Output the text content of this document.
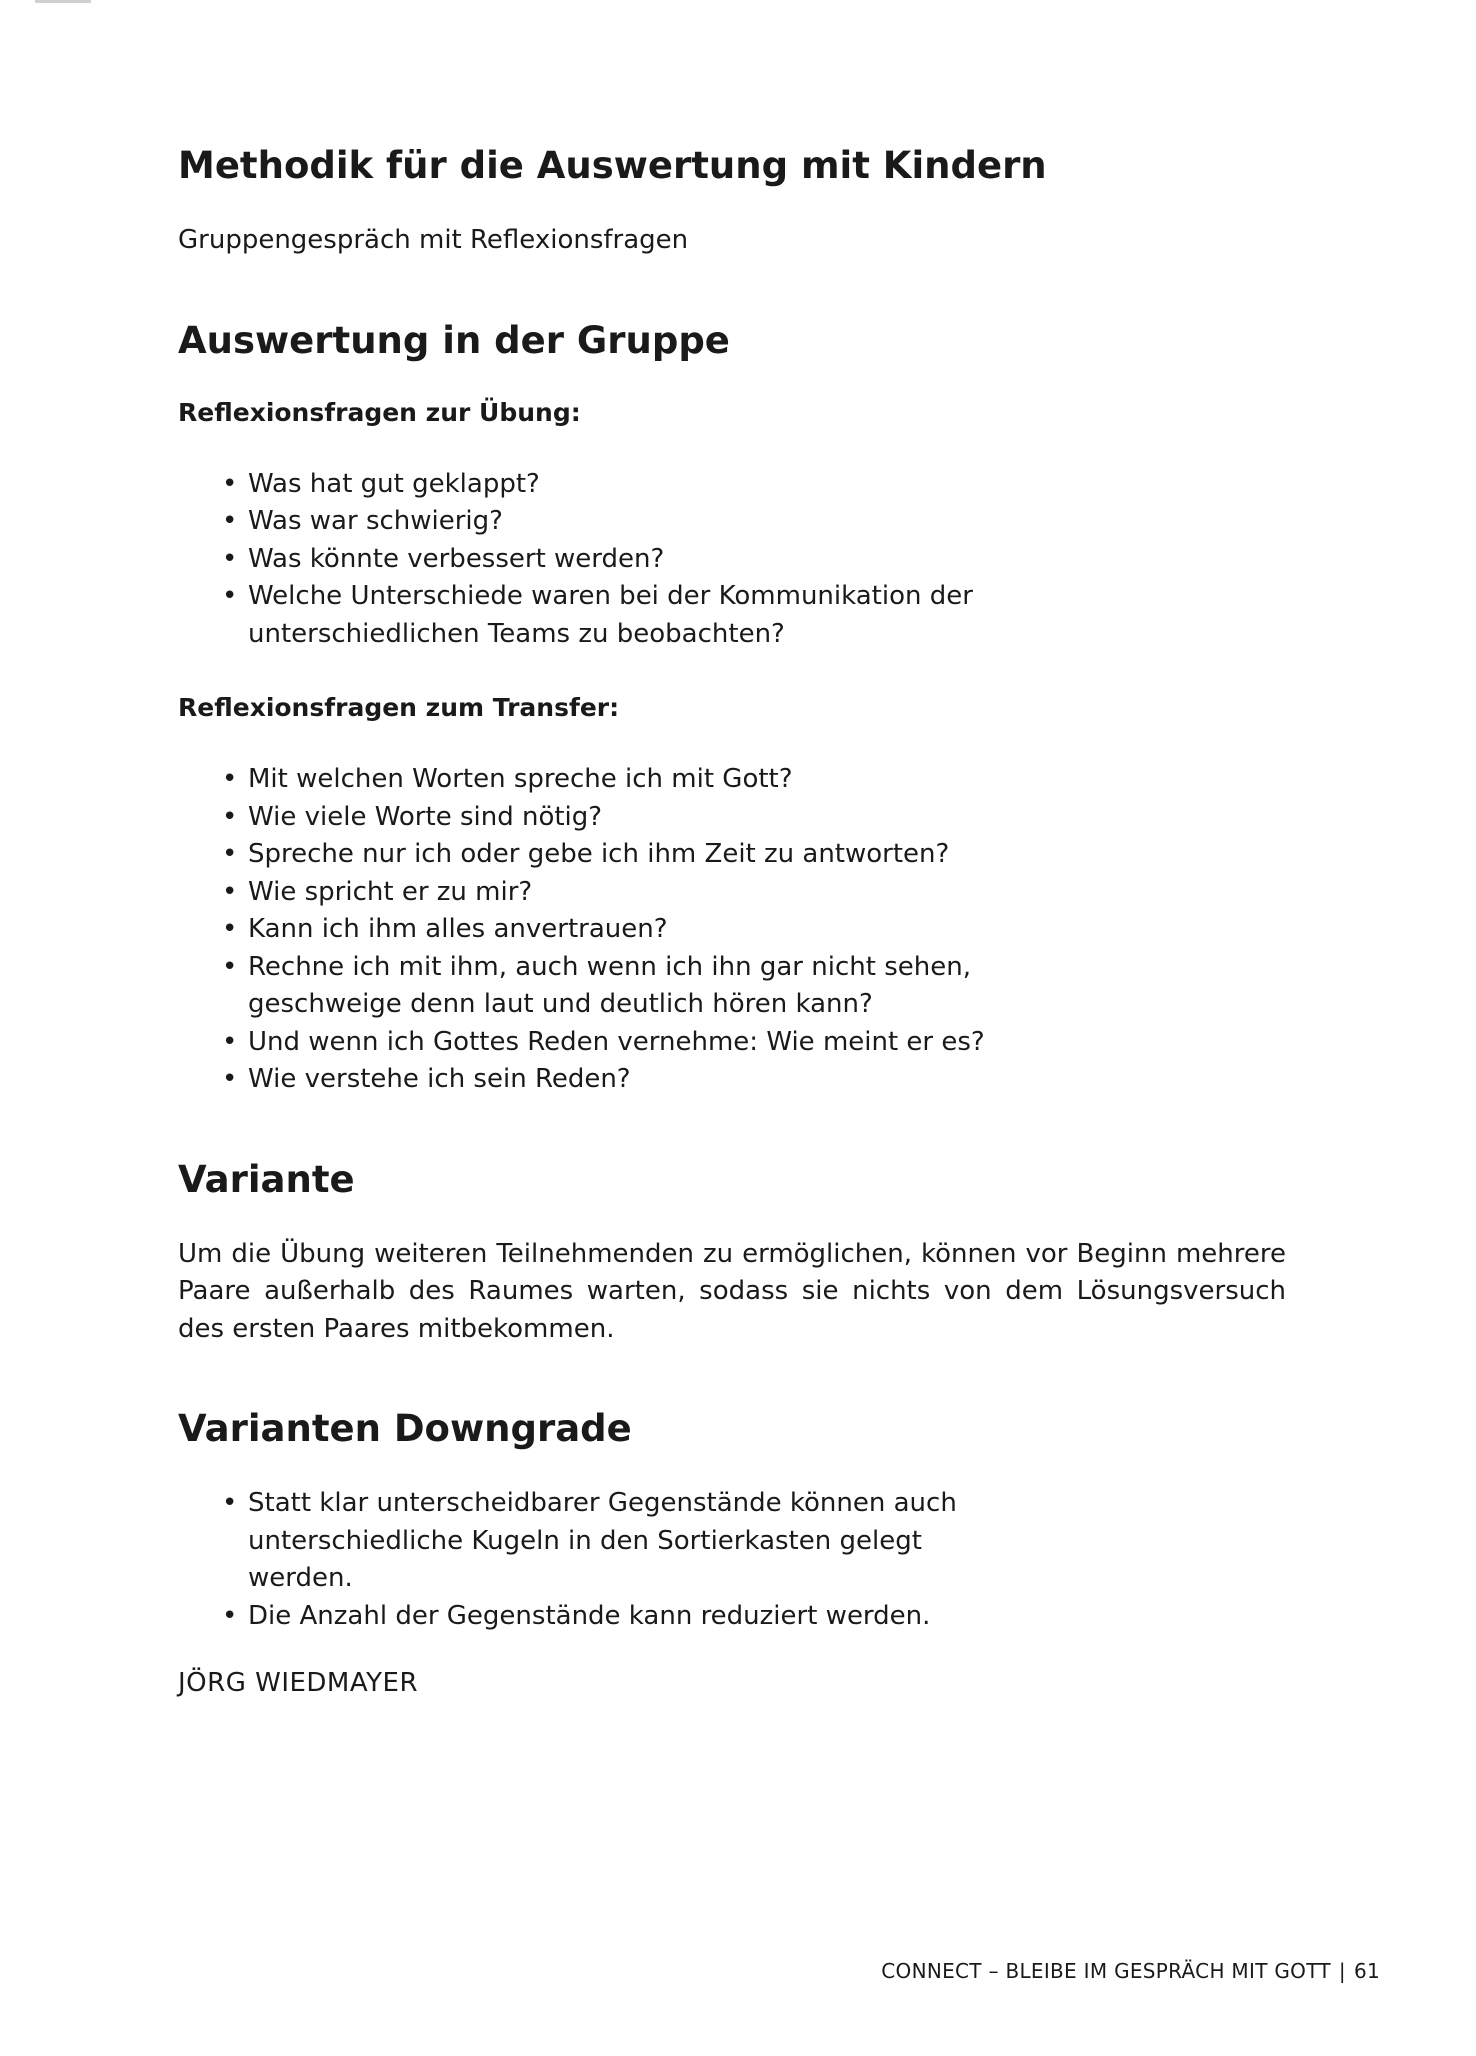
Methodik für die Auswertung mit Kindern

Gruppengespräch mit Reflexionsfragen

Auswertung in der Gruppe
Reflexionsfragen zur Übung:
• Was hat gut geklappt?
• Was war schwierig?
• Was könnte verbessert werden?
• Welche Unterschiede waren bei der Kommunikation der unterschiedlichen Teams zu beobachten?
Reflexionsfragen zum Transfer:
• Mit welchen Worten spreche ich mit Gott?
• Wie viele Worte sind nötig?
• Spreche nur ich oder gebe ich ihm Zeit zu antworten?
• Wie spricht er zu mir?
• Kann ich ihm alles anvertrauen?
• Rechne ich mit ihm, auch wenn ich ihn gar nicht sehen, geschweige denn laut und deutlich hören kann?
• Und wenn ich Gottes Reden vernehme: Wie meint er es?
• Wie verstehe ich sein Reden?
Variante

Um die Übung weiteren Teilnehmenden zu ermöglichen, können vor Beginn mehrere Paare außerhalb des Raumes warten, sodass sie nichts von dem Lösungsversuch des ersten Paares mitbekommen.

Varianten Downgrade
• Statt klar unterscheidbarer Gegenstände können auch unterschiedliche Kugeln in den Sortierkasten gelegt werden.
• Die Anzahl der Gegenstände kann reduziert werden.

JÖRG WIEDMAYER

CONNECT – BLEIBE IM GESPRÄCH MIT GOTT | 61
